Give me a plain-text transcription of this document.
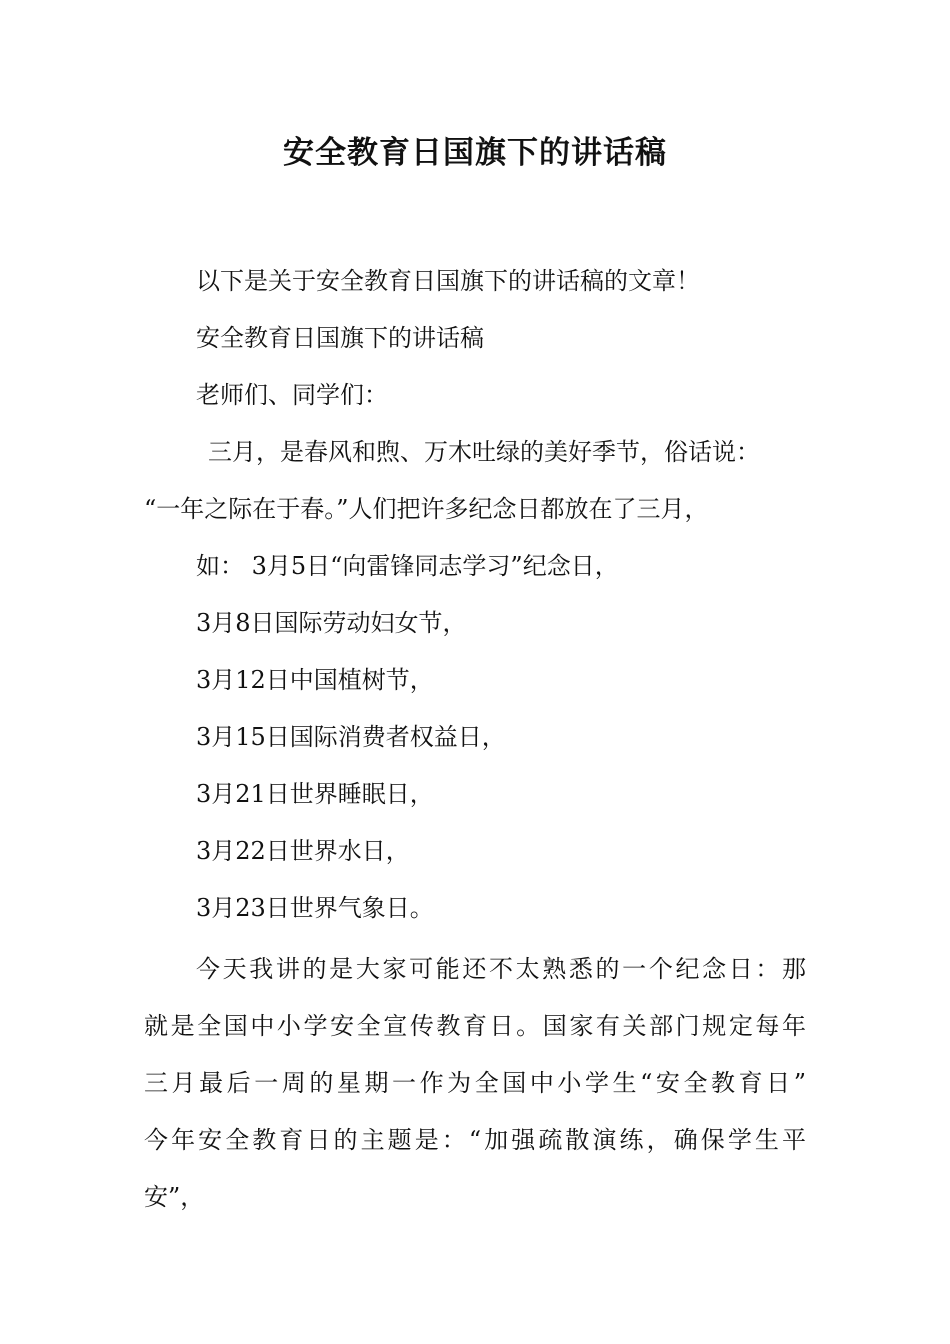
安全教育日国旗下的讲话稿
以下是关于安全教育日国旗下的讲话稿的文章！
安全教育日国旗下的讲话稿
老师们、同学们：
三月，是春风和煦、万木吐绿的美好季节，俗话说：
“一年之际在于春。”人们把许多纪念日都放在了三月，
如： 3月5日“向雷锋同志学习”纪念日，
3月8日国际劳动妇女节，
3月12日中国植树节，
3月15日国际消费者权益日，
3月21日世界睡眠日，
3月22日世界水日，
3月23日世界气象日。
今天我讲的是大家可能还不太熟悉的一个纪念日：那
就是全国中小学安全宣传教育日。国家有关部门规定每年
三月最后一周的星期一作为全国中小学生“安全教育日”
今年安全教育日的主题是：“加强疏散演练，确保学生平
安”，
